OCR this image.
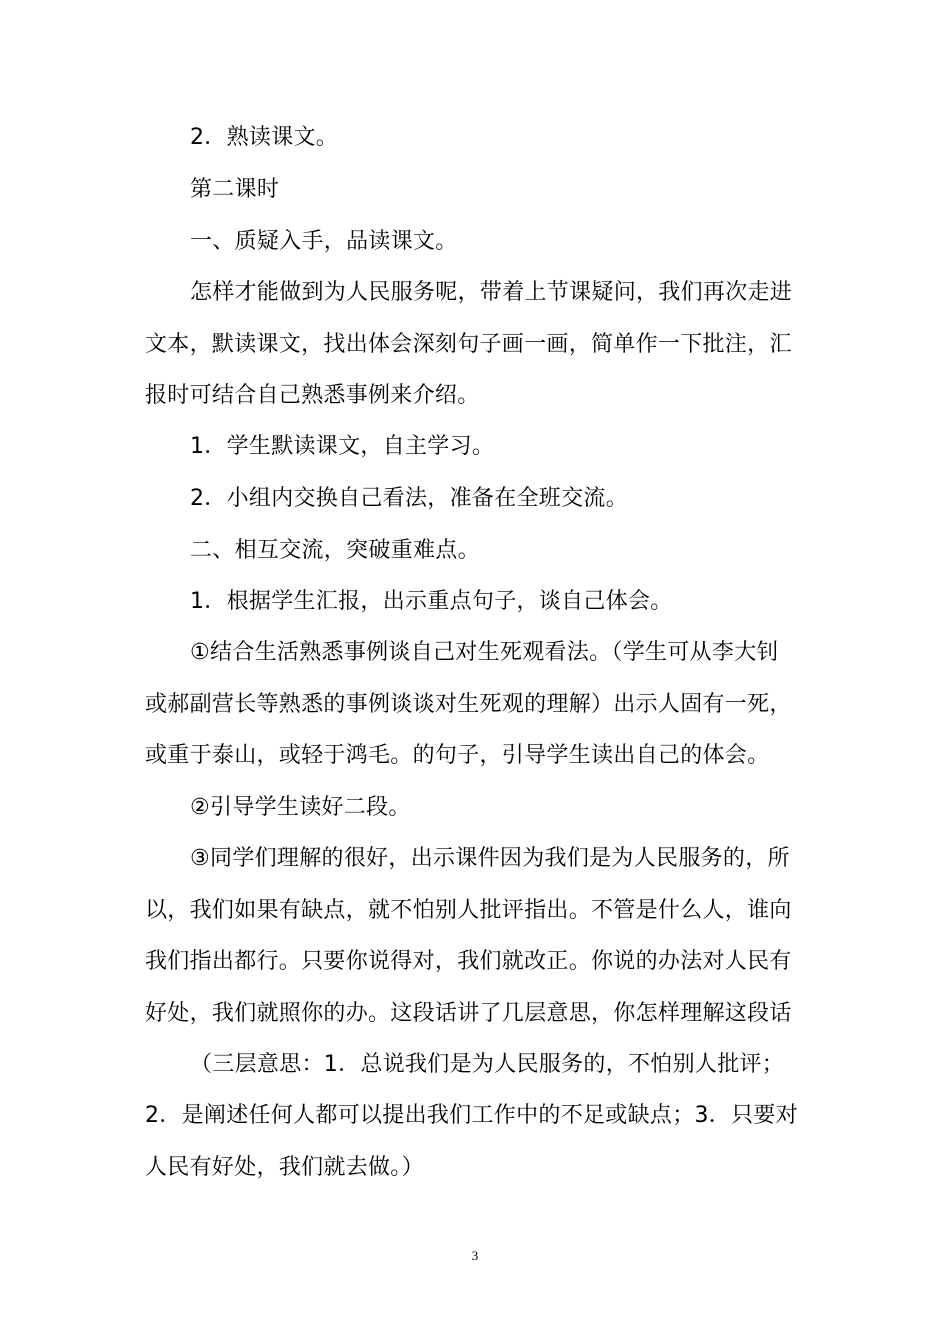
2．熟读课文。
第二课时
一、质疑入手，品读课文。
怎样才能做到为人民服务呢，带着上节课疑问，我们再次走进
文本，默读课文，找出体会深刻句子画一画，简单作一下批注，汇
报时可结合自己熟悉事例来介绍。
1．学生默读课文，自主学习。
2．小组内交换自己看法，准备在全班交流。
二、相互交流，突破重难点。
1．根据学生汇报，出示重点句子，谈自己体会。
①结合生活熟悉事例谈自己对生死观看法。（学生可从李大钊
或郝副营长等熟悉的事例谈谈对生死观的理解）出示人固有一死，
或重于泰山，或轻于鸿毛。的句子，引导学生读出自己的体会。
②引导学生读好二段。
③同学们理解的很好，出示课件因为我们是为人民服务的，所
以，我们如果有缺点，就不怕别人批评指出。不管是什么人，谁向
我们指出都行。只要你说得对，我们就改正。你说的办法对人民有
好处，我们就照你的办。这段话讲了几层意思，你怎样理解这段话
（三层意思：1．总说我们是为人民服务的，不怕别人批评；
2．是阐述任何人都可以提出我们工作中的不足或缺点；3．只要对
人民有好处，我们就去做。）
3
